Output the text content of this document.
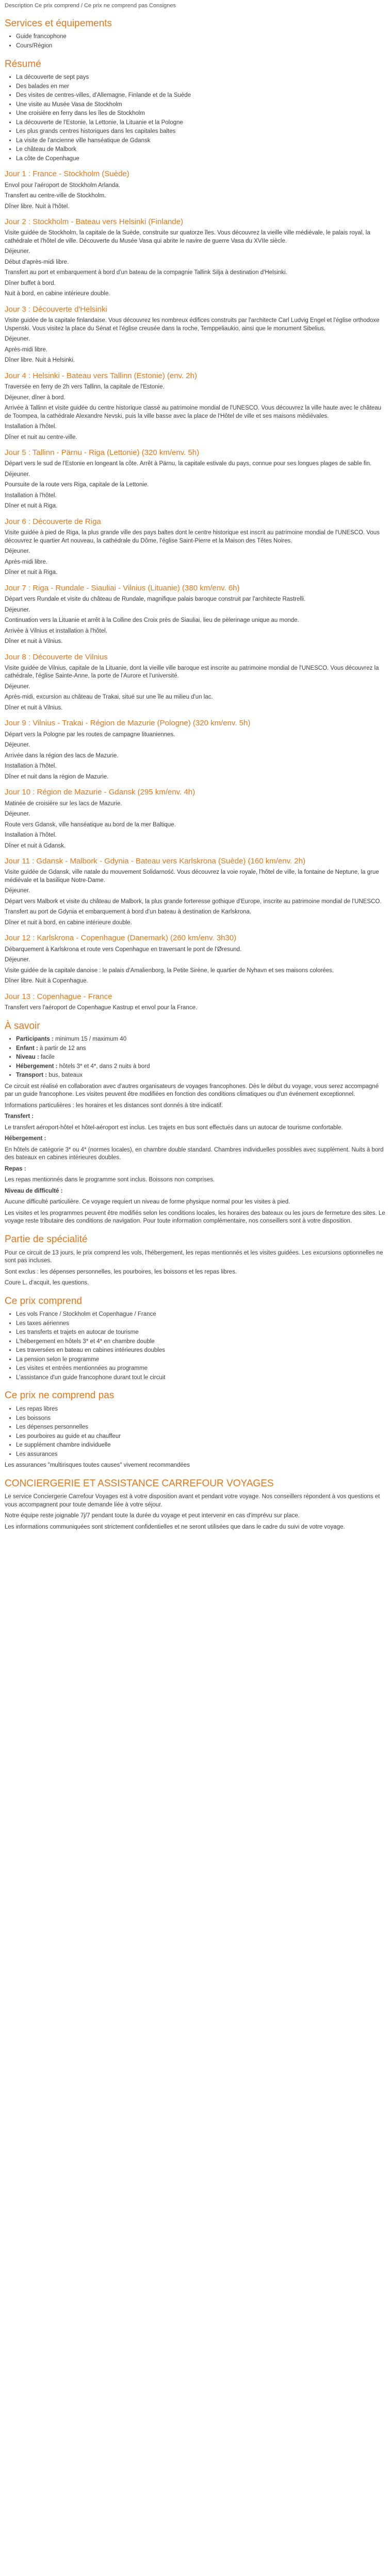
Description Ce prix comprend / Ce prix ne comprend pas Consignes

Services et équipements
• Guide francophone
• Cours/Région
Résumé
• La découverte de sept pays
• Des balades en mer
• Des visites de centres-villes, d'Allemagne, Finlande et de la Suède
• Une visite au Musée Vasa de Stockholm
• Une croisière en ferry dans les îles de Stockholm
• La découverte de l'Estonie, la Lettonie, la Lituanie et la Pologne
• Les plus grands centres historiques dans les capitales baltes
• La visite de l'ancienne ville hanséatique de Gdansk
• Le château de Malbork
• La côte de Copenhague
Jour 1 : France - Stockholm (Suède)

Envol pour l'aéroport de Stockholm Arlanda.

Transfert au centre-ville de Stockholm.

Dîner libre. Nuit à l'hôtel.

Jour 2 : Stockholm - Bateau vers Helsinki (Finlande)

Visite guidée de Stockholm, la capitale de la Suède, construite sur quatorze îles. Vous découvrez la vieille ville médiévale, le palais royal, la cathédrale et l'hôtel de ville. Découverte du Musée Vasa qui abrite le navire de guerre Vasa du XVIIe siècle.

Déjeuner.

Début d'après-midi libre.

Transfert au port et embarquement à bord d'un bateau de la compagnie Tallink Silja à destination d'Helsinki.

Dîner buffet à bord.

Nuit à bord, en cabine intérieure double.

Jour 3 : Découverte d'Helsinki

Visite guidée de la capitale finlandaise. Vous découvrez les nombreux édifices construits par l'architecte Carl Ludvig Engel et l'église orthodoxe Uspenski. Vous visitez la place du Sénat et l'église creusée dans la roche, Temppeliaukio, ainsi que le monument Sibelius.

Déjeuner.

Après-midi libre.

Dîner libre. Nuit à Helsinki.

Jour 4 : Helsinki - Bateau vers Tallinn (Estonie) (env. 2h)

Traversée en ferry de 2h vers Tallinn, la capitale de l'Estonie.

Déjeuner, dîner à bord.

Arrivée à Tallinn et visite guidée du centre historique classé au patrimoine mondial de l'UNESCO. Vous découvrez la ville haute avec le château de Toompea, la cathédrale Alexandre Nevski, puis la ville basse avec la place de l'Hôtel de ville et ses maisons médiévales.

Installation à l'hôtel.

Dîner et nuit au centre-ville.

Jour 5 : Tallinn - Pärnu - Riga (Lettonie) (320 km/env. 5h)

Départ vers le sud de l'Estonie en longeant la côte. Arrêt à Pärnu, la capitale estivale du pays, connue pour ses longues plages de sable fin.

Déjeuner.

Poursuite de la route vers Riga, capitale de la Lettonie.

Installation à l'hôtel.

Dîner et nuit à Riga.

Jour 6 : Découverte de Riga

Visite guidée à pied de Riga, la plus grande ville des pays baltes dont le centre historique est inscrit au patrimoine mondial de l'UNESCO. Vous découvrez le quartier Art nouveau, la cathédrale du Dôme, l'église Saint-Pierre et la Maison des Têtes Noires.

Déjeuner.

Après-midi libre.

Dîner et nuit à Riga.

Jour 7 : Riga - Rundale - Siauliai - Vilnius (Lituanie) (380 km/env. 6h)

Départ vers Rundale et visite du château de Rundale, magnifique palais baroque construit par l'architecte Rastrelli.

Déjeuner.

Continuation vers la Lituanie et arrêt à la Colline des Croix près de Siauliai, lieu de pèlerinage unique au monde.

Arrivée à Vilnius et installation à l'hôtel.

Dîner et nuit à Vilnius.

Jour 8 : Découverte de Vilnius

Visite guidée de Vilnius, capitale de la Lituanie, dont la vieille ville baroque est inscrite au patrimoine mondial de l'UNESCO. Vous découvrez la cathédrale, l'église Sainte-Anne, la porte de l'Aurore et l'université.

Déjeuner.

Après-midi, excursion au château de Trakai, situé sur une île au milieu d'un lac.

Dîner et nuit à Vilnius.

Jour 9 : Vilnius - Trakai - Région de Mazurie (Pologne) (320 km/env. 5h)

Départ vers la Pologne par les routes de campagne lituaniennes.

Déjeuner.

Arrivée dans la région des lacs de Mazurie.

Installation à l'hôtel.

Dîner et nuit dans la région de Mazurie.

Jour 10 : Région de Mazurie - Gdansk (295 km/env. 4h)

Matinée de croisière sur les lacs de Mazurie.

Déjeuner.

Route vers Gdansk, ville hanséatique au bord de la mer Baltique.

Installation à l'hôtel.

Dîner et nuit à Gdansk.

Jour 11 : Gdansk - Malbork - Gdynia - Bateau vers Karlskrona (Suède) (160 km/env. 2h)

Visite guidée de Gdansk, ville natale du mouvement Solidarność. Vous découvrez la voie royale, l'hôtel de ville, la fontaine de Neptune, la grue médiévale et la basilique Notre-Dame.

Déjeuner.

Départ vers Malbork et visite du château de Malbork, la plus grande forteresse gothique d'Europe, inscrite au patrimoine mondial de l'UNESCO.

Transfert au port de Gdynia et embarquement à bord d'un bateau à destination de Karlskrona.

Dîner et nuit à bord, en cabine intérieure double.

Jour 12 : Karlskrona - Copenhague (Danemark) (260 km/env. 3h30)

Débarquement à Karlskrona et route vers Copenhague en traversant le pont de l'Øresund.

Déjeuner.

Visite guidée de la capitale danoise : le palais d'Amalienborg, la Petite Sirène, le quartier de Nyhavn et ses maisons colorées.

Dîner libre. Nuit à Copenhague.

Jour 13 : Copenhague - France

Transfert vers l'aéroport de Copenhague Kastrup et envol pour la France.

À savoir
• Participants : minimum 15 / maximum 40
• Enfant : à partir de 12 ans
• Niveau : facile
• Hébergement : hôtels 3* et 4*, dans 2 nuits à bord
• Transport : bus, bateaux

Ce circuit est réalisé en collaboration avec d'autres organisateurs de voyages francophones. Dès le début du voyage, vous serez accompagné par un guide francophone. Les visites peuvent être modifiées en fonction des conditions climatiques ou d'un événement exceptionnel.

Informations particulières : les horaires et les distances sont donnés à titre indicatif.

Transfert :

Le transfert aéroport-hôtel et hôtel-aéroport est inclus. Les trajets en bus sont effectués dans un autocar de tourisme confortable.

Hébergement :

En hôtels de catégorie 3* ou 4* (normes locales), en chambre double standard. Chambres individuelles possibles avec supplément. Nuits à bord des bateaux en cabines intérieures doubles.

Repas :

Les repas mentionnés dans le programme sont inclus. Boissons non comprises.

Niveau de difficulté :

Aucune difficulté particulière. Ce voyage requiert un niveau de forme physique normal pour les visites à pied.

Les visites et les programmes peuvent être modifiés selon les conditions locales, les horaires des bateaux ou les jours de fermeture des sites. Le voyage reste tributaire des conditions de navigation. Pour toute information complémentaire, nos conseillers sont à votre disposition.

Partie de spécialité

Pour ce circuit de 13 jours, le prix comprend les vols, l'hébergement, les repas mentionnés et les visites guidées. Les excursions optionnelles ne sont pas incluses.

Sont exclus : les dépenses personnelles, les pourboires, les boissons et les repas libres.

Coure L. d'acquit, les questions.

Ce prix comprend
• Les vols France / Stockholm et Copenhague / France
• Les taxes aériennes
• Les transferts et trajets en autocar de tourisme
• L'hébergement en hôtels 3* et 4* en chambre double
• Les traversées en bateau en cabines intérieures doubles
• La pension selon le programme
• Les visites et entrées mentionnées au programme
• L'assistance d'un guide francophone durant tout le circuit
Ce prix ne comprend pas
• Les repas libres
• Les boissons
• Les dépenses personnelles
• Les pourboires au guide et au chauffeur
• Le supplément chambre individuelle
• Les assurances

Les assurances "multirisques toutes causes" vivement recommandées

CONCIERGERIE ET ASSISTANCE CARREFOUR VOYAGES

Le service Conciergerie Carrefour Voyages est à votre disposition avant et pendant votre voyage. Nos conseillers répondent à vos questions et vous accompagnent pour toute demande liée à votre séjour.

Notre équipe reste joignable 7j/7 pendant toute la durée du voyage et peut intervenir en cas d'imprévu sur place.

Les informations communiquées sont strictement confidentielles et ne seront utilisées que dans le cadre du suivi de votre voyage.
